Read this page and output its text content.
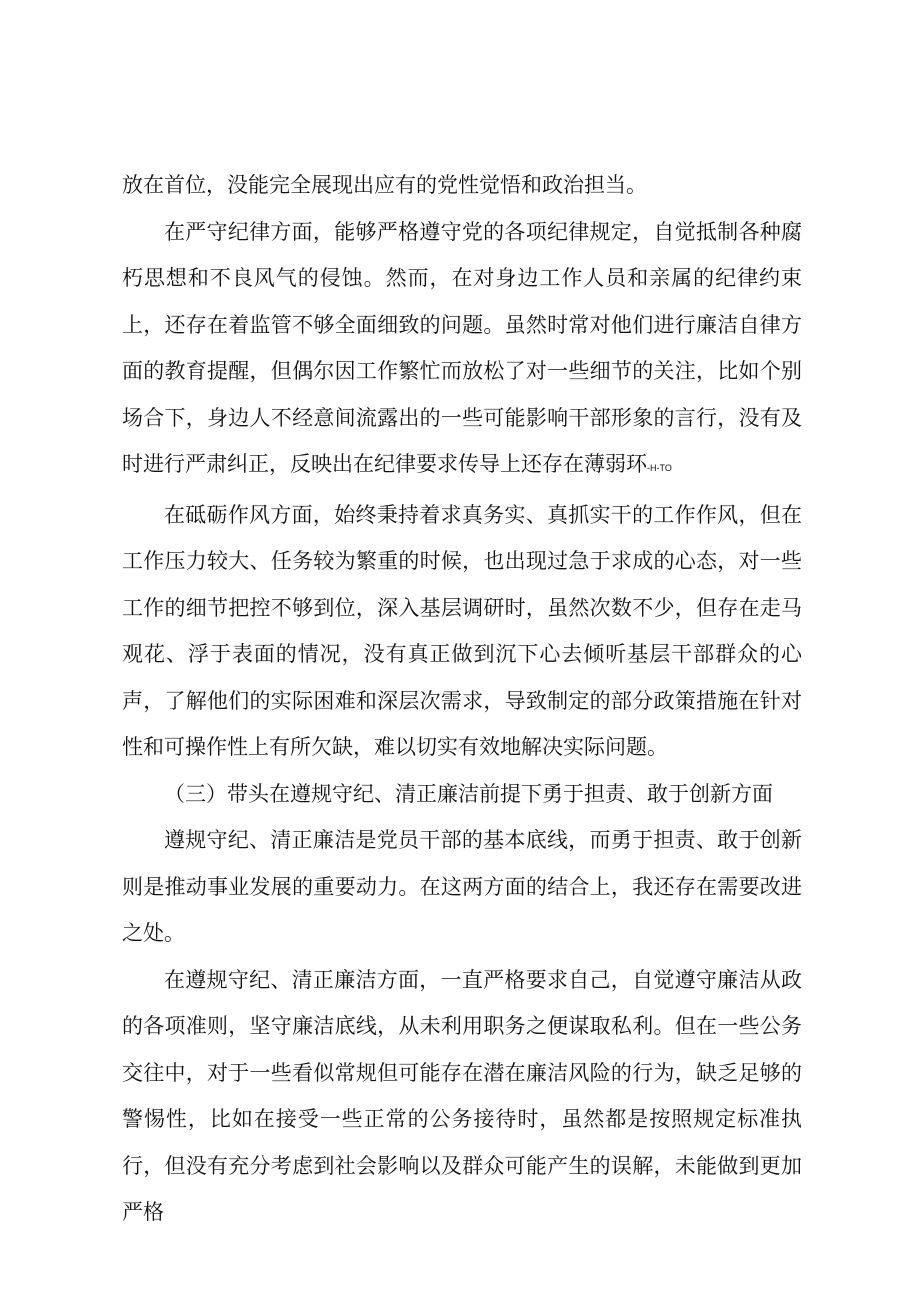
放在首位，没能完全展现出应有的党性觉悟和政治担当。

在严守纪律方面，能够严格遵守党的各项纪律规定，自觉抵制各种腐朽思想和不良风气的侵蚀。然而，在对身边工作人员和亲属的纪律约束上，还存在着监管不够全面细致的问题。虽然时常对他们进行廉洁自律方面的教育提醒，但偶尔因工作繁忙而放松了对一些细节的关注，比如个别场合下，身边人不经意间流露出的一些可能影响干部形象的言行，没有及时进行严肃纠正，反映出在纪律要求传导上还存在薄弱环-H-TO

在砥砺作风方面，始终秉持着求真务实、真抓实干的工作作风，但在工作压力较大、任务较为繁重的时候，也出现过急于求成的心态，对一些工作的细节把控不够到位，深入基层调研时，虽然次数不少，但存在走马观花、浮于表面的情况，没有真正做到沉下心去倾听基层干部群众的心声，了解他们的实际困难和深层次需求，导致制定的部分政策措施在针对性和可操作性上有所欠缺，难以切实有效地解决实际问题。

（三）带头在遵规守纪、清正廉洁前提下勇于担责、敢于创新方面

遵规守纪、清正廉洁是党员干部的基本底线，而勇于担责、敢于创新则是推动事业发展的重要动力。在这两方面的结合上，我还存在需要改进之处。

在遵规守纪、清正廉洁方面，一直严格要求自己，自觉遵守廉洁从政的各项准则，坚守廉洁底线，从未利用职务之便谋取私利。但在一些公务交往中，对于一些看似常规但可能存在潜在廉洁风险的行为，缺乏足够的警惕性，比如在接受一些正常的公务接待时，虽然都是按照规定标准执行，但没有充分考虑到社会影响以及群众可能产生的误解，未能做到更加严格
